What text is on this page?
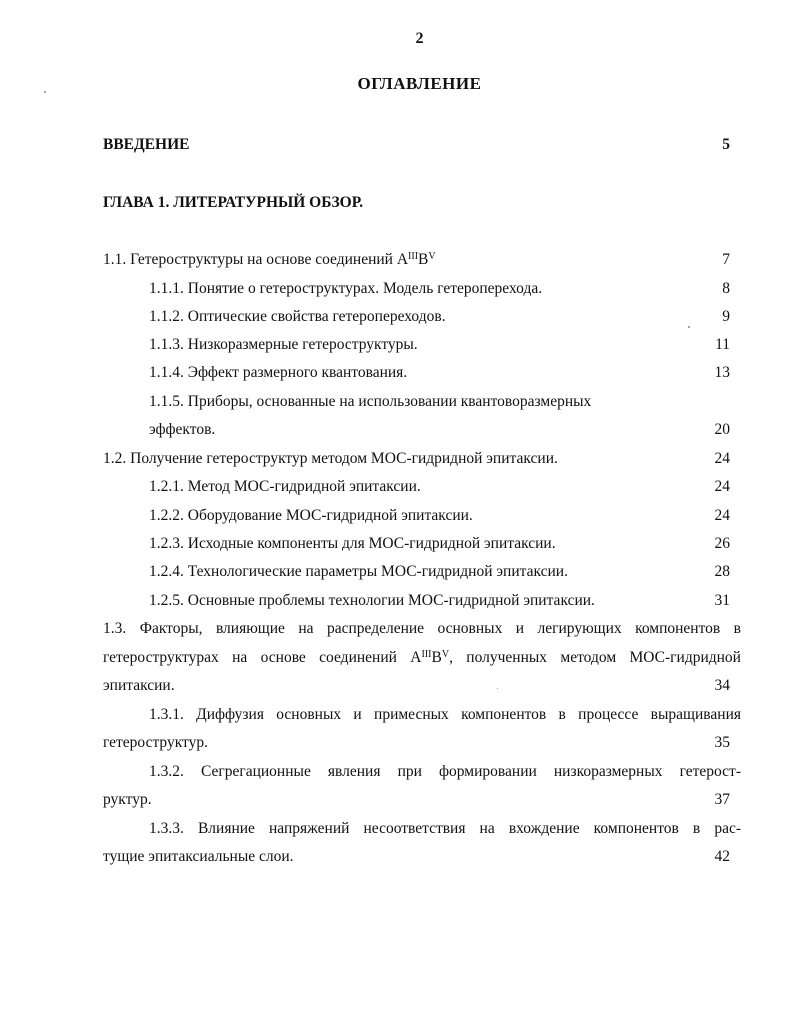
2
ОГЛАВЛЕНИЕ
ВВЕДЕНИЕ	5
ГЛАВА 1. ЛИТЕРАТУРНЫЙ ОБЗОР.
1.1. Гетероструктуры на основе соединений $A^{III}B^V$	7
1.1.1. Понятие о гетероструктурах. Модель гетероперехода.	8
1.1.2. Оптические свойства гетеропереходов.	9
1.1.3. Низкоразмерные гетероструктуры.	11
1.1.4. Эффект размерного квантования.	13
1.1.5. Приборы, основанные на использовании квантоворазмерных
эффектов.	20
1.2. Получение гетероструктур методом МОС-гидридной эпитаксии.	24
1.2.1. Метод МОС-гидридной эпитаксии.	24
1.2.2. Оборудование МОС-гидридной эпитаксии.	24
1.2.3. Исходные компоненты для МОС-гидридной эпитаксии.	26
1.2.4. Технологические параметры МОС-гидридной эпитаксии.	28
1.2.5. Основные проблемы технологии МОС-гидридной эпитаксии.	31
1.3. Факторы, влияющие на распределение основных и легирующих компонентов в
гетероструктурах на основе соединений $A^{III}B^V$, полученных методом МОС-гидридной
эпитаксии.	34
1.3.1. Диффузия основных и примесных компонентов в процессе выращивания
гетероструктур.	35
1.3.2. Сегрегационные явления при формировании низкоразмерных гетерост-
руктур.	37
1.3.3. Влияние напряжений несоответствия на вхождение компонентов в рас-
тущие эпитаксиальные слои.	42
